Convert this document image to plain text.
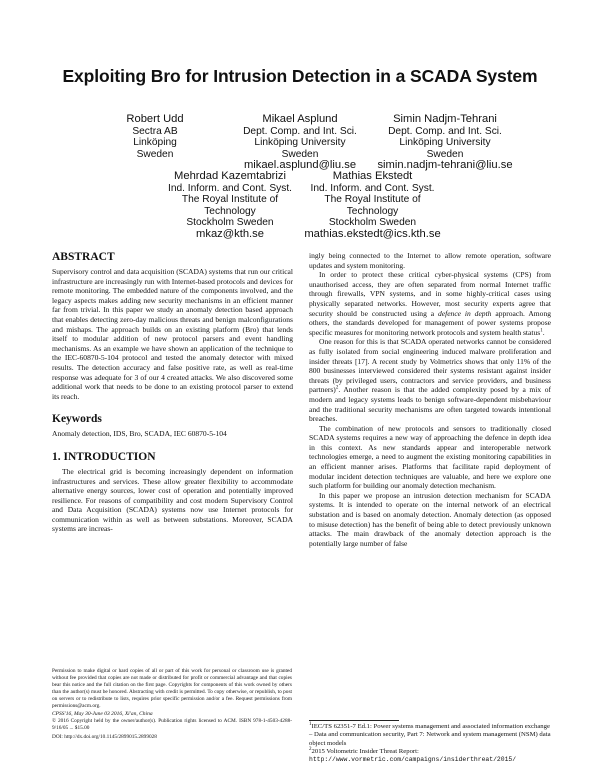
Exploiting Bro for Intrusion Detection in a SCADA System
Robert Udd
Sectra AB
Linköping
Sweden
Mikael Asplund
Dept. Comp. and Int. Sci.
Linköping University
Sweden
mikael.asplund@liu.se
Simin Nadjm-Tehrani
Dept. Comp. and Int. Sci.
Linköping University
Sweden
simin.nadjm-tehrani@liu.se
Mehrdad Kazemtabrizi
Ind. Inform. and Cont. Syst.
The Royal Institute of
Technology
Stockholm Sweden
mkaz@kth.se
Mathias Ekstedt
Ind. Inform. and Cont. Syst.
The Royal Institute of
Technology
Stockholm Sweden
mathias.ekstedt@ics.kth.se
ABSTRACT

Supervisory control and data acquisition (SCADA) systems that run our critical infrastructure are increasingly run with Internet-based protocols and devices for remote monitoring. The embedded nature of the components involved, and the legacy aspects makes adding new security mechanisms in an efficient manner far from trivial. In this paper we study an anomaly detection based approach that enables detecting zero-day malicious threats and benign malconfigurations and mishaps. The approach builds on an existing platform (Bro) that lends itself to modular addition of new protocol parsers and event handling mechanisms. As an example we have shown an application of the technique to the IEC-60870-5-104 protocol and tested the anomaly detector with mixed results. The detection accuracy and false positive rate, as well as real-time response was adequate for 3 of our 4 created attacks. We also discovered some additional work that needs to be done to an existing protocol parser to extend its reach.

Keywords

Anomaly detection, IDS, Bro, SCADA, IEC 60870-5-104

1. INTRODUCTION

The electrical grid is becoming increasingly dependent on information infrastructures and services. These allow greater flexibility to accommodate alternative energy sources, lower cost of operation and potentially improved resilience. For reasons of compatibility and cost modern Supervisory Control and Data Acquisition (SCADA) systems now use Internet protocols for communication within as well as between substations. Moreover, SCADA systems are increas-

Permission to make digital or hard copies of all or part of this work for personal or classroom use is granted without fee provided that copies are not made or distributed for profit or commercial advantage and that copies bear this notice and the full citation on the first page. Copyrights for components of this work owned by others than the author(s) must be honored. Abstracting with credit is permitted. To copy otherwise, or republish, to post on servers or to redistribute to lists, requires prior specific permission and/or a fee. Request permissions from permissions@acm.org.

CPSS'16, May 30-June 03 2016, Xi'an, China

© 2016 Copyright held by the owner/author(s). Publication rights licensed to ACM. ISBN 978-1-4503-4288-9/16/05 ... $15.00

DOI: http://dx.doi.org/10.1145/2899015.2899028

ingly being connected to the Internet to allow remote operation, software updates and system monitoring.

In order to protect these critical cyber-physical systems (CPS) from unauthorised access, they are often separated from normal Internet traffic through firewalls, VPN systems, and in some highly-critical cases using physically separated networks. However, most security experts agree that security should be constructed using a defence in depth approach. Among others, the standards developed for management of power systems propose specific measures for monitoring network protocols and system health status$^1$.

One reason for this is that SCADA operated networks cannot be considered as fully isolated from social engineering induced malware proliferation and insider threats [17]. A recent study by Volmetrics shows that only 11% of the 800 businesses interviewed considered their systems resistant against insider threats (by privileged users, contractors and service providers, and business partners)$^2$. Another reason is that the added complexity posed by a mix of modern and legacy systems leads to benign software-dependent misbehaviour and the traditional security mechanisms are often targeted towards intentional breaches.

The combination of new protocols and sensors to traditionally closed SCADA systems requires a new way of approaching the defence in depth idea in this context. As new standards appear and interoperable network technologies emerge, a need to augment the existing monitoring capabilities in an efficient manner arises. Platforms that facilitate rapid deployment of modular incident detection techniques are valuable, and here we explore one such platform for building our anomaly detection mechanism.

In this paper we propose an intrusion detection mechanism for SCADA systems. It is intended to operate on the internal network of an electrical substation and is based on anomaly detection. Anomaly detection (as opposed to misuse detection) has the benefit of being able to detect previously unknown attacks. The main drawback of the anomaly detection approach is the potentially large number of false

$^1$IEC/TS 62351-7 Ed.1: Power systems management and associated information exchange – Data and communication security, Part 7: Network and system management (NSM) data object models

$^2$2015 Voltometric Insider Threat Report:

http://www.vormetric.com/campaigns/insiderthreat/2015/
